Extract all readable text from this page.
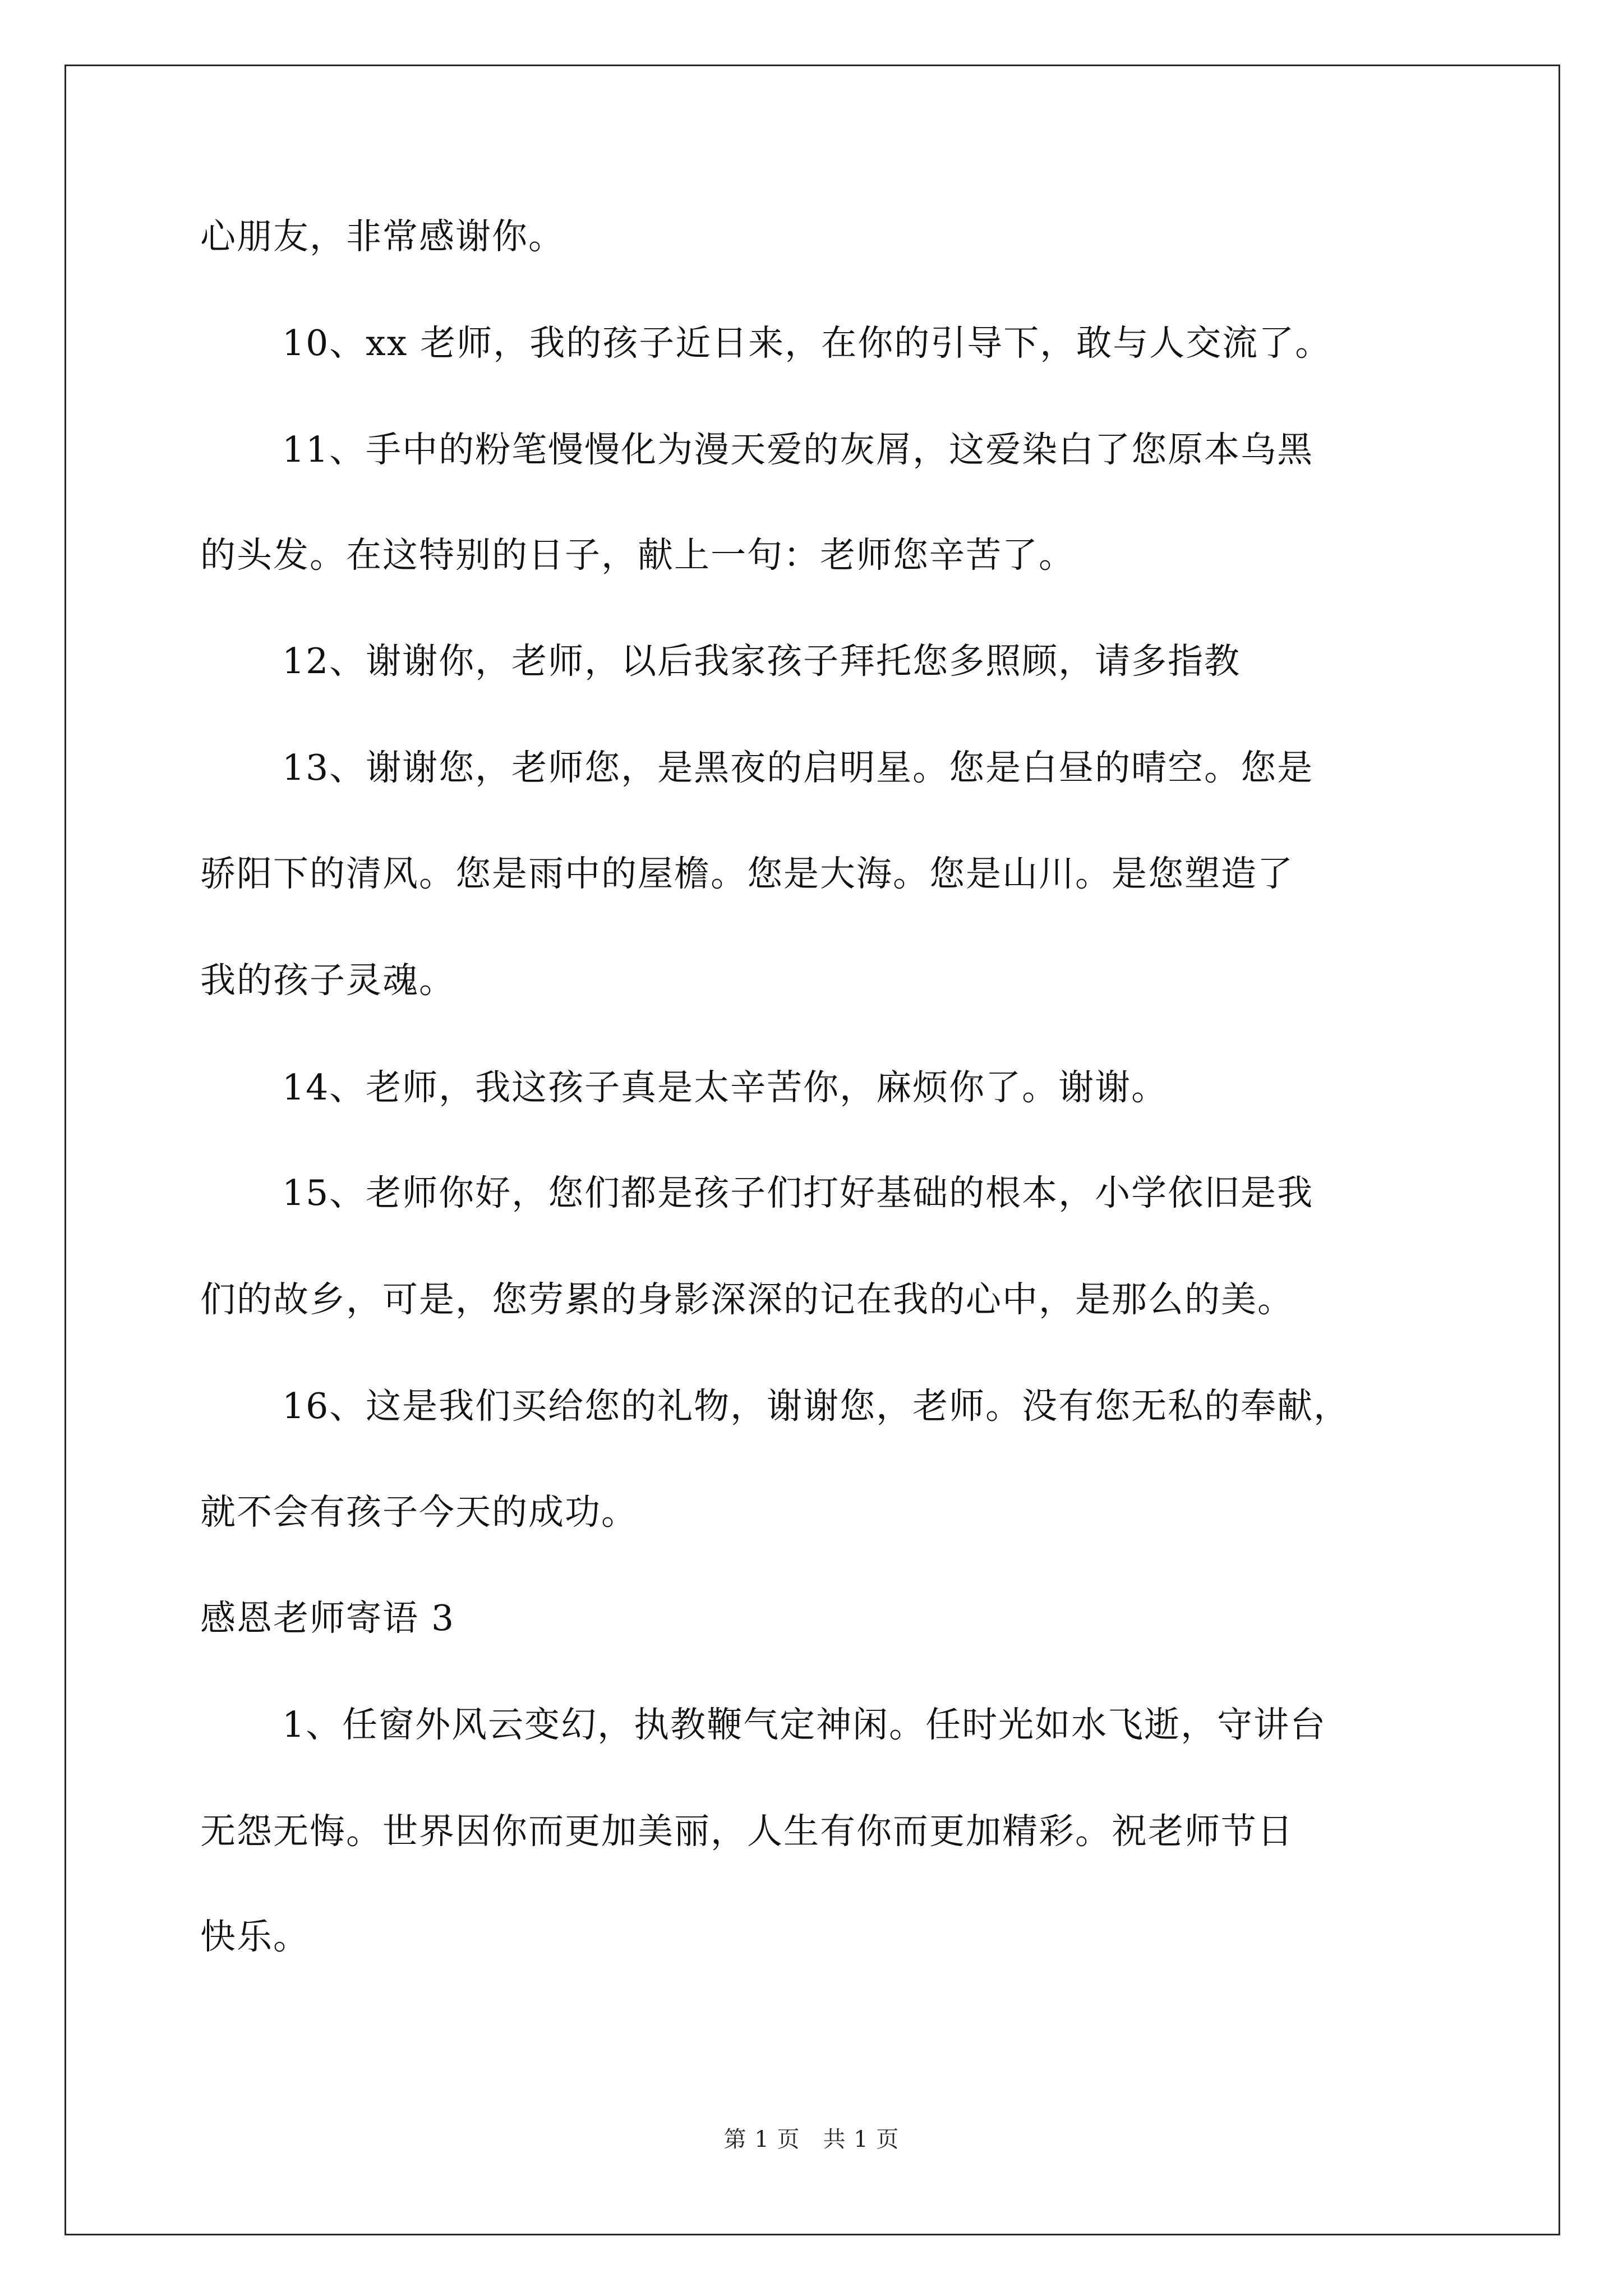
心朋友，非常感谢你。
10、xx 老师，我的孩子近日来，在你的引导下，敢与人交流了。
11、手中的粉笔慢慢化为漫天爱的灰屑，这爱染白了您原本乌黑
的头发。在这特别的日子，献上一句：老师您辛苦了。
12、谢谢你，老师，以后我家孩子拜托您多照顾，请多指教
13、谢谢您，老师您，是黑夜的启明星。您是白昼的晴空。您是
骄阳下的清风。您是雨中的屋檐。您是大海。您是山川。是您塑造了
我的孩子灵魂。
14、老师，我这孩子真是太辛苦你，麻烦你了。谢谢。
15、老师你好，您们都是孩子们打好基础的根本，小学依旧是我
们的故乡，可是，您劳累的身影深深的记在我的心中，是那么的美。
16、这是我们买给您的礼物，谢谢您，老师。没有您无私的奉献，
就不会有孩子今天的成功。
感恩老师寄语 3
1、任窗外风云变幻，执教鞭气定神闲。任时光如水飞逝，守讲台
无怨无悔。世界因你而更加美丽，人生有你而更加精彩。祝老师节日
快乐。
第 1 页　共 1 页
